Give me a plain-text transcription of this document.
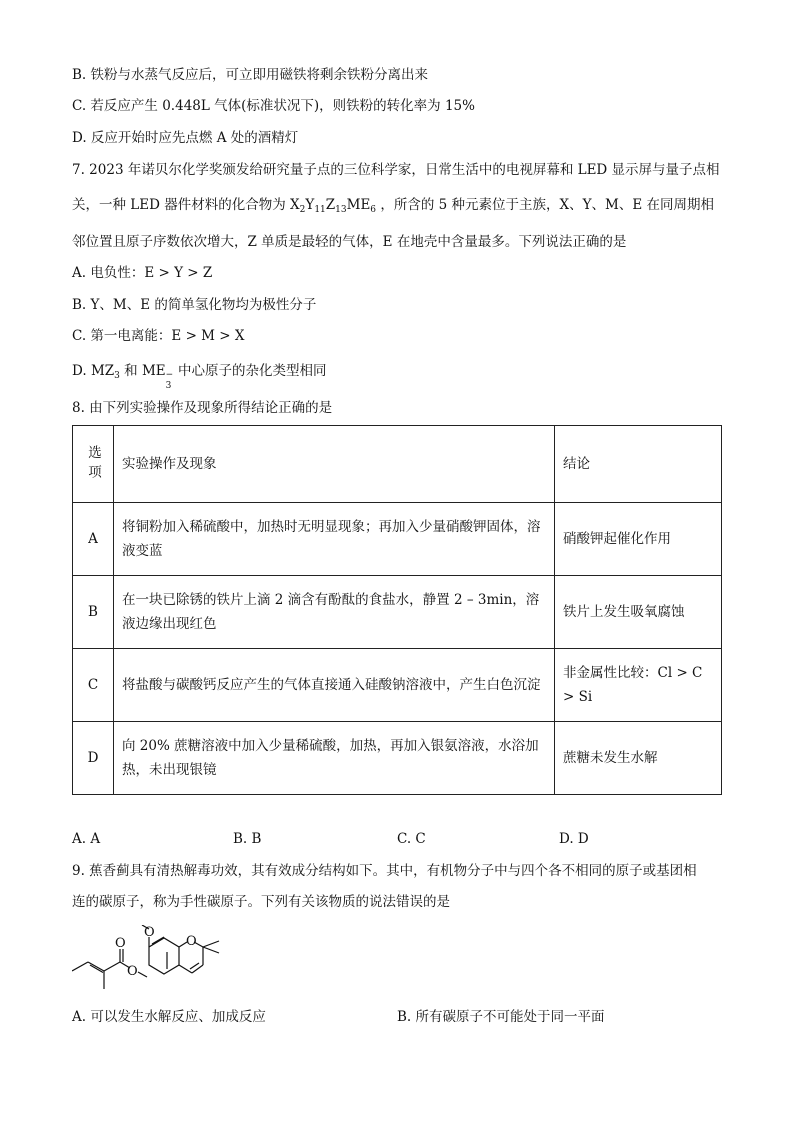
B. 铁粉与水蒸气反应后，可立即用磁铁将剩余铁粉分离出来
C. 若反应产生 0.448L 气体(标准状况下)，则铁粉的转化率为 15%
D. 反应开始时应先点燃 A 处的酒精灯
7. 2023 年诺贝尔化学奖颁发给研究量子点的三位科学家，日常生活中的电视屏幕和 LED 显示屏与量子点相
关，一种 LED 器件材料的化合物为 $X_2Y_{11}Z_{13}ME_6$ ，所含的 5 种元素位于主族，X、Y、M、E 在同周期相
邻位置且原子序数依次增大，Z 单质是最轻的气体，E 在地壳中含量最多。下列说法正确的是
A. 电负性：E > Y > Z
B. Y、M、E 的简单氢化物均为极性分子
C. 第一电离能：E > M > X
D. $MZ_3$ 和 ME −
3
中心原子的杂化类型相同
8. 由下列实验操作及现象所得结论正确的是
选项	实验操作及现象	结论
A	将铜粉加入稀硫酸中，加热时无明显现象；再加入少量硝酸钾固体，溶液变蓝	硝酸钾起催化作用
B	在一块已除锈的铁片上滴 2 滴含有酚酞的食盐水，静置 2 – 3min，溶液边缘出现红色	铁片上发生吸氧腐蚀
C	将盐酸与碳酸钙反应产生的气体直接通入硅酸钠溶液中，产生白色沉淀	非金属性比较：Cl > C > Si
D	向 20% 蔗糖溶液中加入少量稀硫酸，加热，再加入银氨溶液，水浴加热，未出现银镜	蔗糖未发生水解
A. A	B. B	C. C	D. D
9. 蕉香蓟具有清热解毒功效，其有效成分结构如下。其中，有机物分子中与四个各不相同的原子或基团相
连的碳原子，称为手性碳原子。下列有关该物质的说法错误的是
O
O
O
O
A. 可以发生水解反应、加成反应	B. 所有碳原子不可能处于同一平面
